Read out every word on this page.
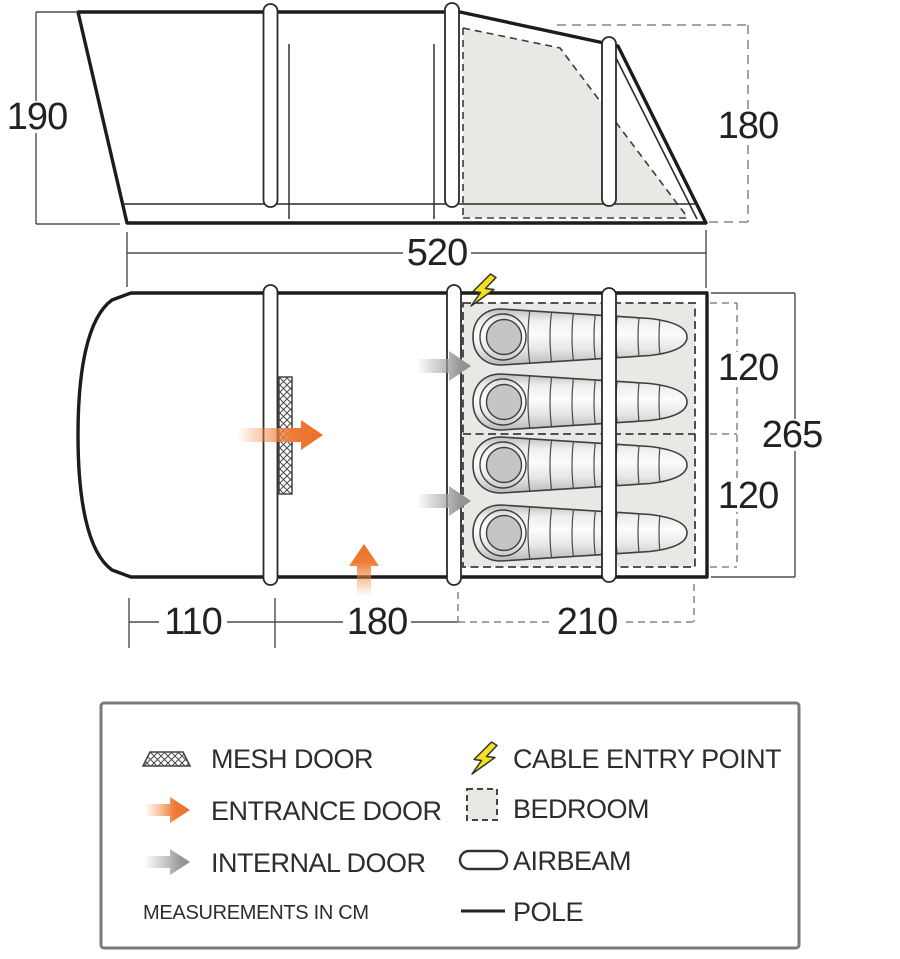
190	180
520
120
265
120
110	180	210
MESH DOOR
ENTRANCE DOOR
INTERNAL DOOR
MEASUREMENTS IN CM
CABLE ENTRY POINT
BEDROOM
AIRBEAM
POLE
